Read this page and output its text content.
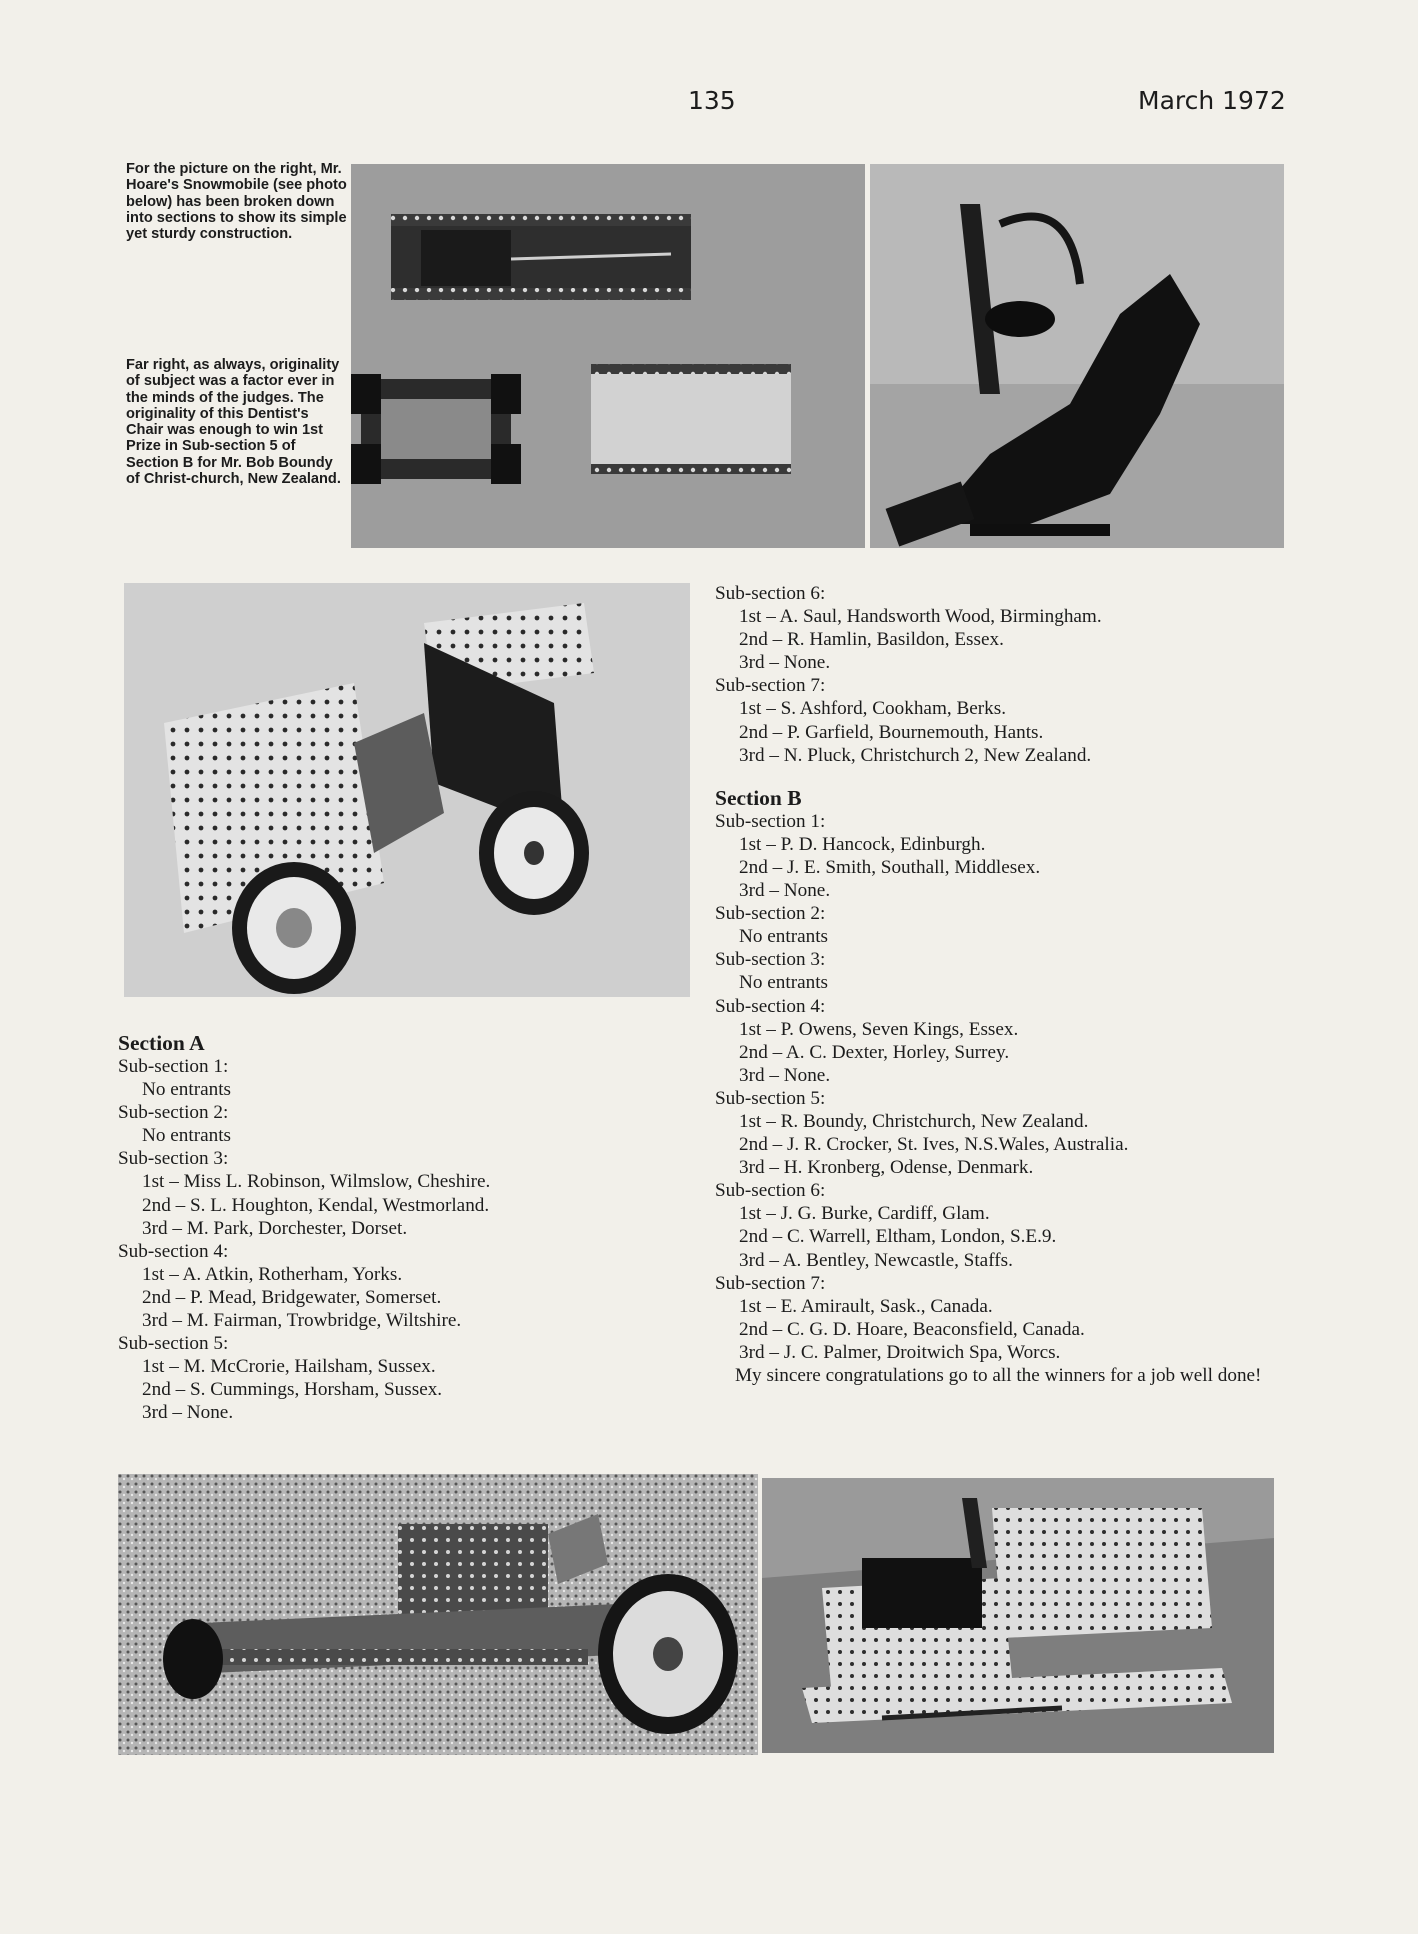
135	March 1972
For the picture on the right, Mr. Hoare's Snowmobile (see photo below) has been broken down into sections to show its simple yet sturdy construction.
Far right, as always, originality of subject was a factor ever in the minds of the judges. The originality of this Dentist's Chair was enough to win 1st Prize in Sub-section 5 of Section B for Mr. Bob Boundy of Christ-church, New Zealand.
Section A
Sub-section 1:
No entrants
Sub-section 2:
No entrants
Sub-section 3:
1st – Miss L. Robinson, Wilmslow, Cheshire.
2nd – S. L. Houghton, Kendal, Westmorland.
3rd – M. Park, Dorchester, Dorset.
Sub-section 4:
1st – A. Atkin, Rotherham, Yorks.
2nd – P. Mead, Bridgewater, Somerset.
3rd – M. Fairman, Trowbridge, Wiltshire.
Sub-section 5:
1st – M. McCrorie, Hailsham, Sussex.
2nd – S. Cummings, Horsham, Sussex.
3rd – None.
Sub-section 6:
1st – A. Saul, Handsworth Wood, Birmingham.
2nd – R. Hamlin, Basildon, Essex.
3rd – None.
Sub-section 7:
1st – S. Ashford, Cookham, Berks.
2nd – P. Garfield, Bournemouth, Hants.
3rd – N. Pluck, Christchurch 2, New Zealand.
Section B
Sub-section 1:
1st – P. D. Hancock, Edinburgh.
2nd – J. E. Smith, Southall, Middlesex.
3rd – None.
Sub-section 2:
No entrants
Sub-section 3:
No entrants
Sub-section 4:
1st – P. Owens, Seven Kings, Essex.
2nd – A. C. Dexter, Horley, Surrey.
3rd – None.
Sub-section 5:
1st – R. Boundy, Christchurch, New Zealand.
2nd – J. R. Crocker, St. Ives, N.S.Wales, Australia.
3rd – H. Kronberg, Odense, Denmark.
Sub-section 6:
1st – J. G. Burke, Cardiff, Glam.
2nd – C. Warrell, Eltham, London, S.E.9.
3rd – A. Bentley, Newcastle, Staffs.
Sub-section 7:
1st – E. Amirault, Sask., Canada.
2nd – C. G. D. Hoare, Beaconsfield, Canada.
3rd – J. C. Palmer, Droitwich Spa, Worcs.
My sincere congratulations go to all the winners for a job well done!
